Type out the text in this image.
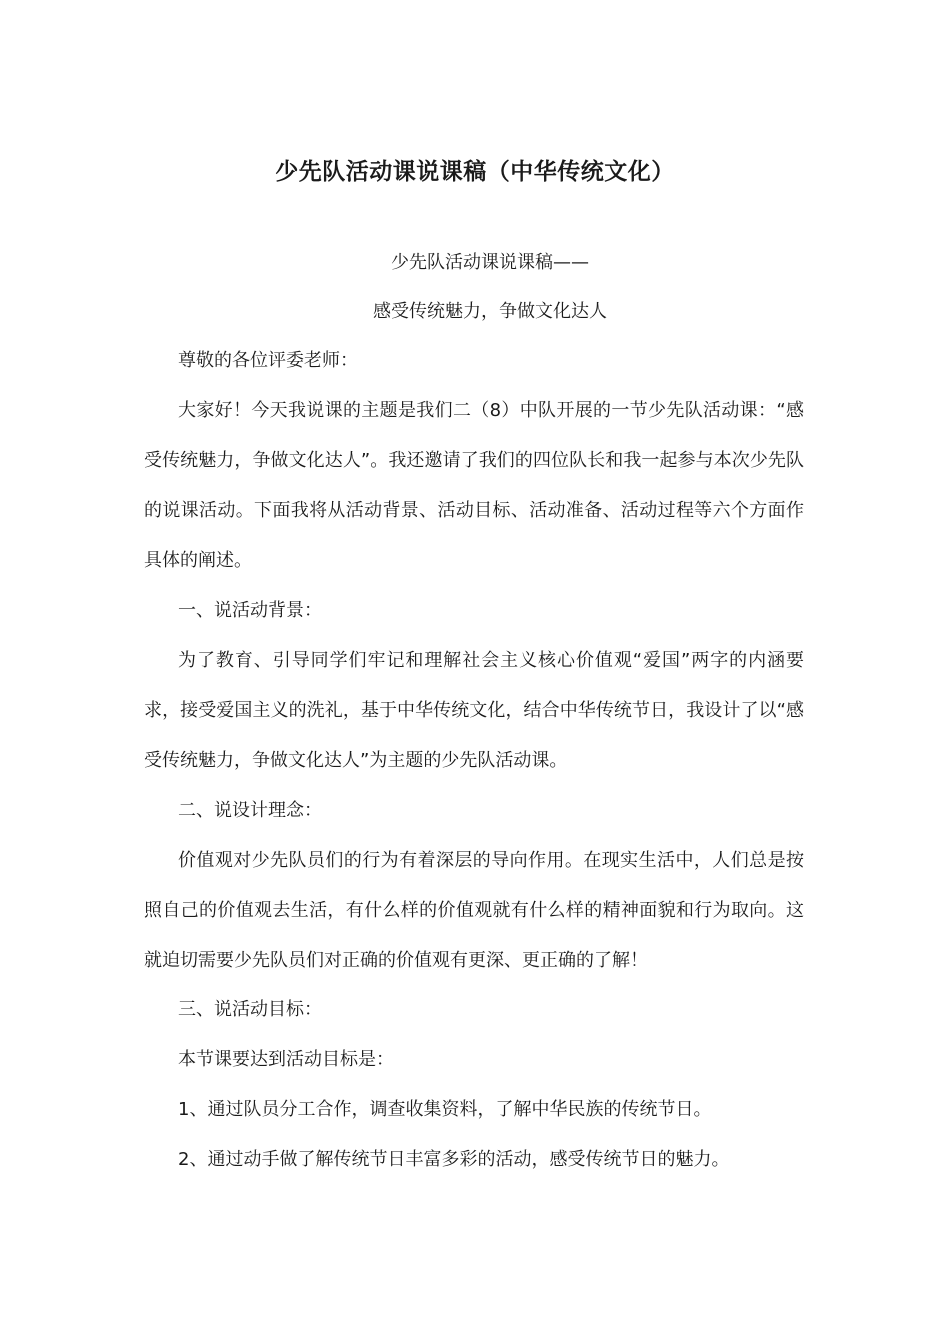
少先队活动课说课稿（中华传统文化）
少先队活动课说课稿——
感受传统魅力，争做文化达人
尊敬的各位评委老师：
大家好！今天我说课的主题是我们二（8）中队开展的一节少先队活动课：“感受传统魅力，争做文化达人”。我还邀请了我们的四位队长和我一起参与本次少先队的说课活动。下面我将从活动背景、活动目标、活动准备、活动过程等六个方面作具体的阐述。
一、说活动背景：
为了教育、引导同学们牢记和理解社会主义核心价值观“爱国”两字的内涵要求，接受爱国主义的洗礼，基于中华传统文化，结合中华传统节日，我设计了以“感受传统魅力，争做文化达人”为主题的少先队活动课。
二、说设计理念：
价值观对少先队员们的行为有着深层的导向作用。在现实生活中，人们总是按照自己的价值观去生活，有什么样的价值观就有什么样的精神面貌和行为取向。这就迫切需要少先队员们对正确的价值观有更深、更正确的了解！
三、说活动目标：
本节课要达到活动目标是：
1、通过队员分工合作，调查收集资料，了解中华民族的传统节日。
2、通过动手做了解传统节日丰富多彩的活动，感受传统节日的魅力。
